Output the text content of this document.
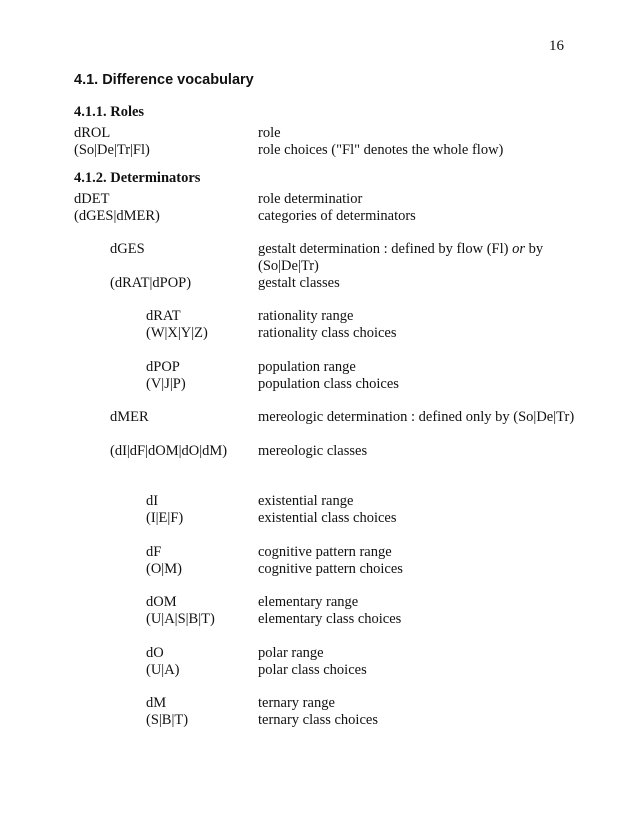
16
4.1. Difference vocabulary
4.1.1. Roles
dROL	role
(So|De|Tr|Fl)	role choices ("Fl" denotes the whole flow)
4.1.2. Determinators
dDET	role determinatior
(dGES|dMER)	categories of determinators
dGES	gestalt determination : defined by flow (Fl) or by (So|De|Tr)
(dRAT|dPOP)	gestalt classes
dRAT	rationality range
(W|X|Y|Z)	rationality class choices
dPOP	population range
(V|J|P)	population class choices
dMER	mereologic determination : defined only by (So|De|Tr)
(dI|dF|dOM|dO|dM) mereologic classes
dI	existential range
(I|E|F)	existential class choices
dF	cognitive pattern range
(O|M)	cognitive pattern choices
dOM	elementary range
(U|A|S|B|T)	elementary class choices
dO	polar range
(U|A)	polar class choices
dM	ternary range
(S|B|T)	ternary class choices
